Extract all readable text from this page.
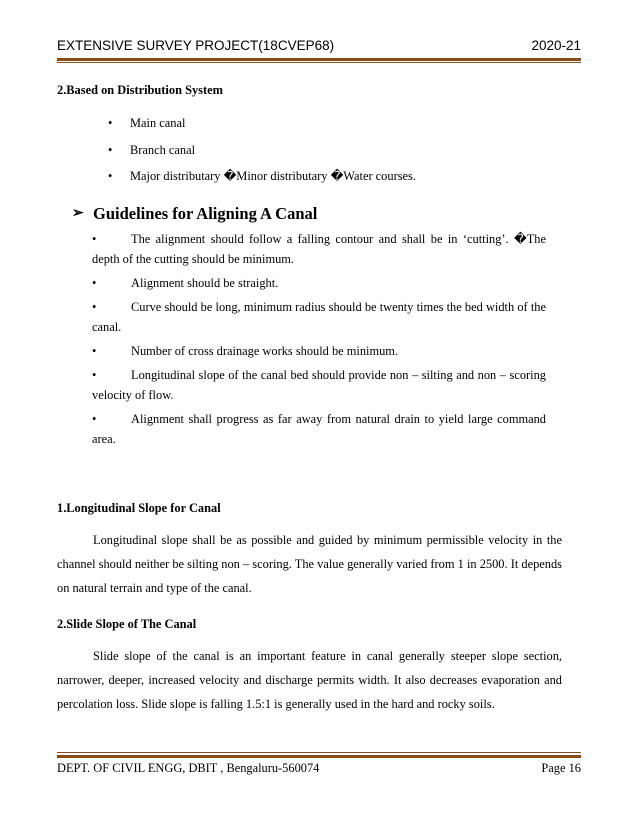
EXTENSIVE SURVEY PROJECT(18CVEP68)	2020-21
2.Based on Distribution System
• Main canal
• Branch canal
• Major distributary �Minor distributary �Water courses.
➢ Guidelines for Aligning A Canal
•	The alignment should follow a falling contour and shall be in ‘cutting’. �The depth of the cutting should be minimum.
•	Alignment should be straight.
•	Curve should be long, minimum radius should be twenty times the bed width of the canal.
•	Number of cross drainage works should be minimum.
•	Longitudinal slope of the canal bed should provide non – silting and non – scoring velocity of flow.
•	Alignment shall progress as far away from natural drain to yield large command area.
1.Longitudinal Slope for Canal

Longitudinal slope shall be as possible and guided by minimum permissible velocity in the channel should neither be silting non – scoring. The value generally varied from 1 in 2500. It depends on natural terrain and type of the canal.

2.Slide Slope of The Canal

Slide slope of the canal is an important feature in canal generally steeper slope section, narrower, deeper, increased velocity and discharge permits width. It also decreases evaporation and percolation loss. Slide slope is falling 1.5:1 is generally used in the hard and rocky soils.

DEPT. OF CIVIL ENGG, DBIT , Bengaluru-560074	Page 16
